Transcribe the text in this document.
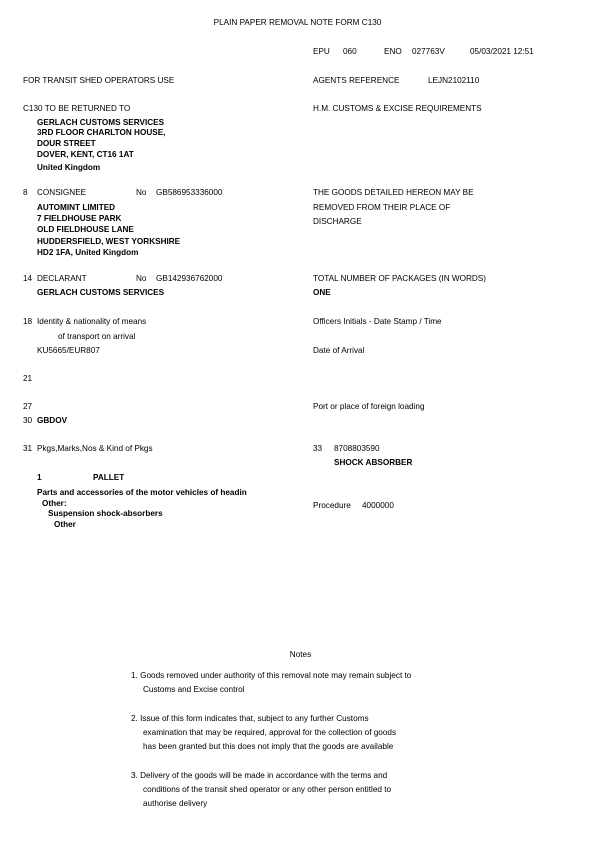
PLAIN PAPER REMOVAL NOTE FORM C130
EPU 060	ENO 027763V	05/03/2021 12:51
FOR TRANSIT SHED OPERATORS USE	AGENTS REFERENCE	LEJN2102110
C130 TO BE RETURNED TO
GERLACH CUSTOMS SERVICES
3RD FLOOR CHARLTON HOUSE,
DOUR STREET
DOVER, KENT, CT16 1AT
United Kingdom
H.M. CUSTOMS & EXCISE REQUIREMENTS
8 CONSIGNEE	No GB586953336000
AUTOMINT LIMITED
7 FIELDHOUSE PARK
OLD FIELDHOUSE LANE
HUDDERSFIELD, WEST YORKSHIRE
HD2 1FA, United Kingdom
THE GOODS DETAILED HEREON MAY BE
REMOVED FROM THEIR PLACE OF
DISCHARGE
14 DECLARANT	No GB142936762000
GERLACH CUSTOMS SERVICES
TOTAL NUMBER OF PACKAGES (IN WORDS)
ONE
18 Identity & nationality of means
of transport on arrival
KU5665/EUR807
Officers Initials - Date Stamp / Time
Date of Arrival
21
27	Port or place of foreign loading
30 GBDOV
31 Pkgs,Marks,Nos & Kind of Pkgs
1	PALLET
Parts and accessories of the motor vehicles of headin
Other:
Suspension shock-absorbers
Other
33 8708803590
SHOCK ABSORBER
Procedure 4000000
Notes
1. Goods removed under authority of this removal note may remain subject to
Customs and Excise control
2. Issue of this form indicates that, subject to any further Customs
examination that may be required, approval for the collection of goods
has been granted but this does not imply that the goods are available
3. Delivery of the goods will be made in accordance with the terms and
conditions of the transit shed operator or any other person entitled to
authorise delivery
